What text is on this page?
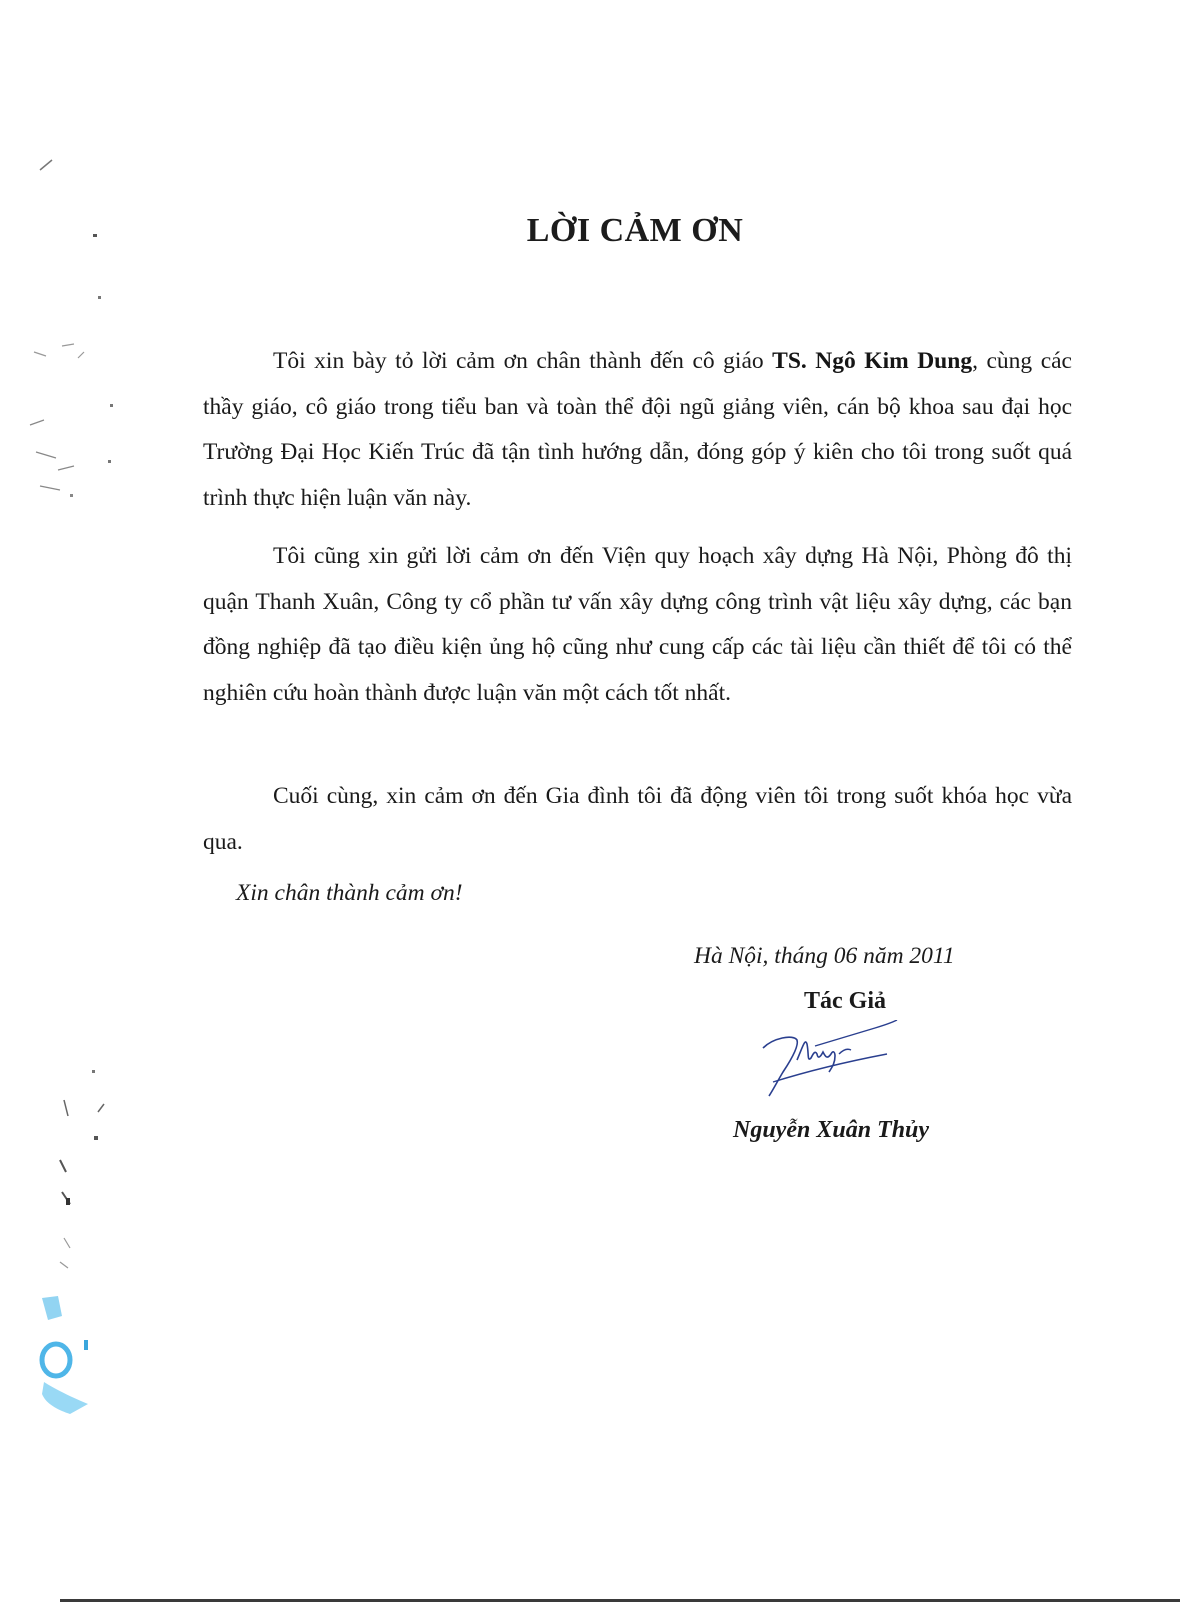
LỜI CẢM ƠN

Tôi xin bày tỏ lời cảm ơn chân thành đến cô giáo TS. Ngô Kim Dung, cùng các thầy giáo, cô giáo trong tiểu ban và toàn thể đội ngũ giảng viên, cán bộ khoa sau đại học Trường Đại Học Kiến Trúc đã tận tình hướng dẫn, đóng góp ý kiên cho tôi trong suốt quá trình thực hiện luận văn này.

Tôi cũng xin gửi lời cảm ơn đến Viện quy hoạch xây dựng Hà Nội, Phòng đô thị quận Thanh Xuân, Công ty cổ phần tư vấn xây dựng công trình vật liệu xây dựng, các bạn đồng nghiệp đã tạo điều kiện ủng hộ cũng như cung cấp các tài liệu cần thiết để tôi có thể nghiên cứu hoàn thành được luận văn một cách tốt nhất.

Cuối cùng, xin cảm ơn đến Gia đình tôi đã động viên tôi trong suốt khóa học vừa qua.

Xin chân thành cảm ơn!
Hà Nội, tháng 06 năm 2011
Tác Giả
Nguyễn Xuân Thủy
